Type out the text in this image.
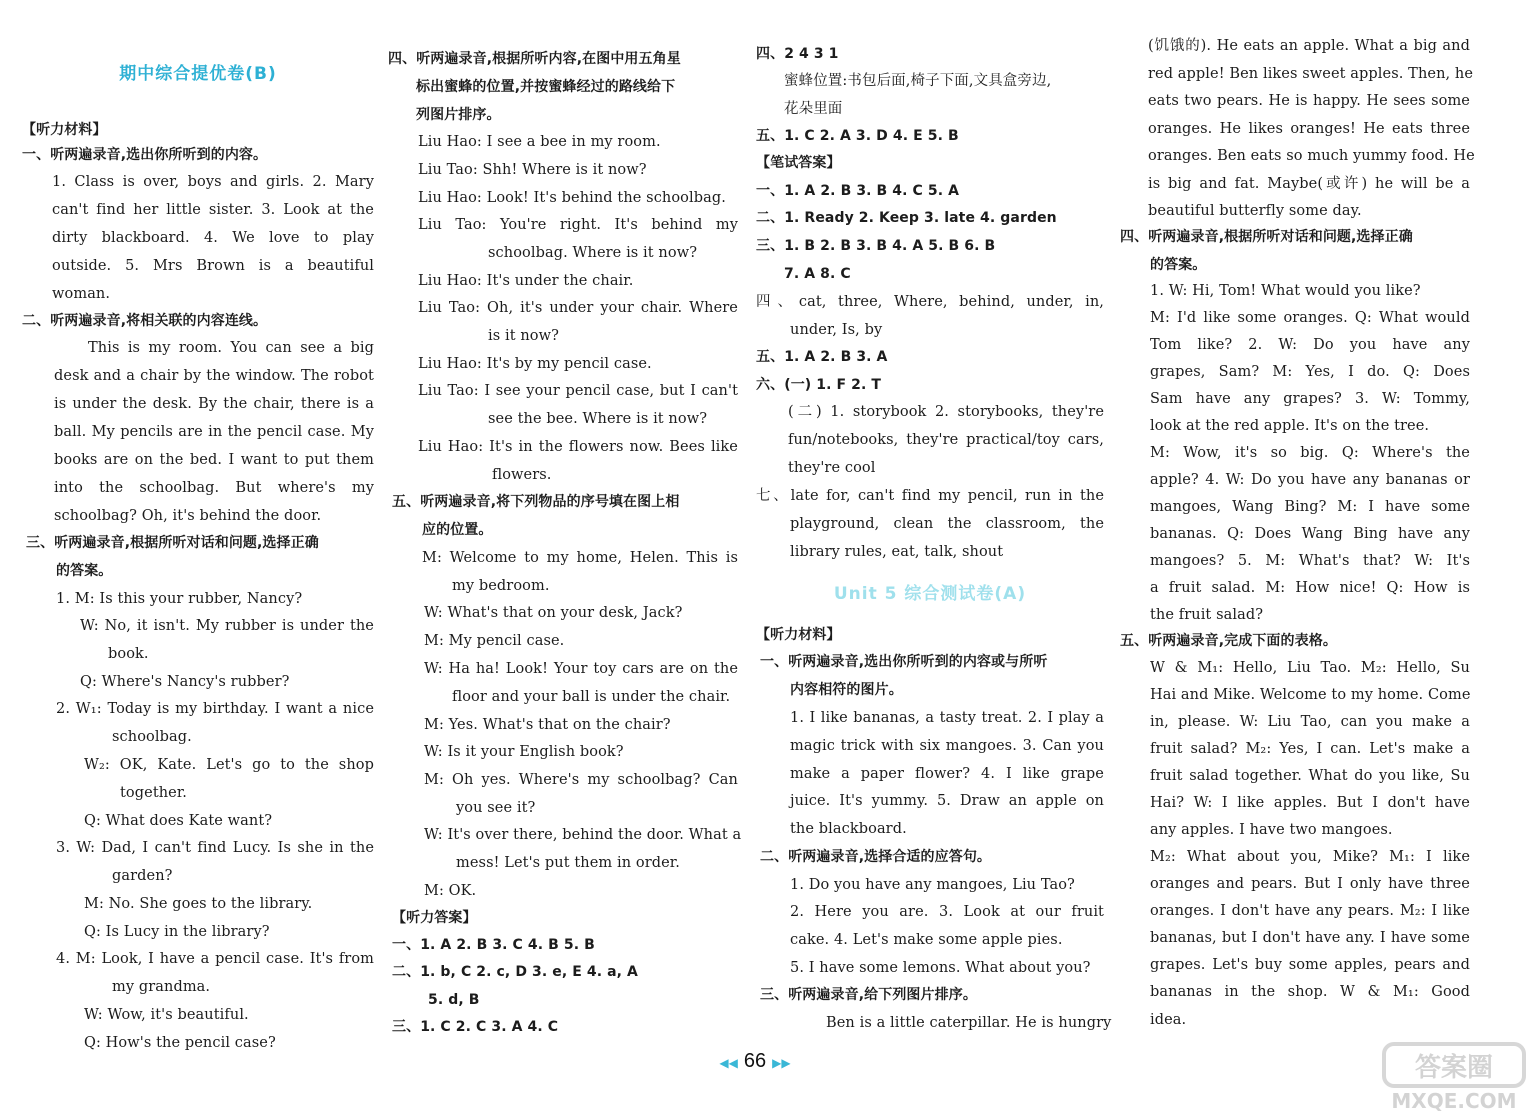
期中综合提优卷(B)
【听力材料】
一、听两遍录音,选出你所听到的内容。
1. Class is over, boys and girls. 2. Mary
can't find her little sister. 3. Look at the
dirty blackboard. 4. We love to play
outside. 5. Mrs Brown is a beautiful
woman.
二、听两遍录音,将相关联的内容连线。
This is my room. You can see a big
desk and a chair by the window. The robot
is under the desk. By the chair, there is a
ball. My pencils are in the pencil case. My
books are on the bed. I want to put them
into the schoolbag. But where's my
schoolbag? Oh, it's behind the door.
三、听两遍录音,根据所听对话和问题,选择正确
的答案。
1. M: Is this your rubber, Nancy?
W: No, it isn't. My rubber is under the
book.
Q: Where's Nancy's rubber?
2. W₁: Today is my birthday. I want a nice
schoolbag.
W₂: OK, Kate. Let's go to the shop
together.
Q: What does Kate want?
3. W: Dad, I can't find Lucy. Is she in the
garden?
M: No. She goes to the library.
Q: Is Lucy in the library?
4. M: Look, I have a pencil case. It's from
my grandma.
W: Wow, it's beautiful.
Q: How's the pencil case?
四、听两遍录音,根据所听内容,在图中用五角星
标出蜜蜂的位置,并按蜜蜂经过的路线给下
列图片排序。
Liu Hao: I see a bee in my room.
Liu Tao: Shh! Where is it now?
Liu Hao: Look! It's behind the schoolbag.
Liu Tao: You're right. It's behind my
schoolbag. Where is it now?
Liu Hao: It's under the chair.
Liu Tao: Oh, it's under your chair. Where
is it now?
Liu Hao: It's by my pencil case.
Liu Tao: I see your pencil case, but I can't
see the bee. Where is it now?
Liu Hao: It's in the flowers now. Bees like
flowers.
五、听两遍录音,将下列物品的序号填在图上相
应的位置。
M: Welcome to my home, Helen. This is
my bedroom.
W: What's that on your desk, Jack?
M: My pencil case.
W: Ha ha! Look! Your toy cars are on the
floor and your ball is under the chair.
M: Yes. What's that on the chair?
W: Is it your English book?
M: Oh yes. Where's my schoolbag? Can
you see it?
W: It's over there, behind the door. What a
mess! Let's put them in order.
M: OK.
【听力答案】
一、1. A 2. B 3. C 4. B 5. B
二、1. b, C 2. c, D 3. e, E 4. a, A
5. d, B
三、1. C 2. C 3. A 4. C
四、2 4 3 1
蜜蜂位置:书包后面,椅子下面,文具盒旁边,
花朵里面
五、1. C 2. A 3. D 4. E 5. B
【笔试答案】
一、1. A 2. B 3. B 4. C 5. A
二、1. Ready 2. Keep 3. late 4. garden
三、1. B 2. B 3. B 4. A 5. B 6. B
7. A 8. C
四、cat, three, Where, behind, under, in,
under, Is, by
五、1. A 2. B 3. A
六、(一) 1. F 2. T
(二) 1. storybook 2. storybooks, they're
fun/notebooks, they're practical/toy cars,
they're cool
七、late for, can't find my pencil, run in the
playground, clean the classroom, the
library rules, eat, talk, shout
Unit 5 综合测试卷(A)
【听力材料】
一、听两遍录音,选出你所听到的内容或与所听
内容相符的图片。
1. I like bananas, a tasty treat. 2. I play a
magic trick with six mangoes. 3. Can you
make a paper flower? 4. I like grape
juice. It's yummy. 5. Draw an apple on
the blackboard.
二、听两遍录音,选择合适的应答句。
1. Do you have any mangoes, Liu Tao?
2. Here you are. 3. Look at our fruit
cake. 4. Let's make some apple pies.
5. I have some lemons. What about you?
三、听两遍录音,给下列图片排序。
Ben is a little caterpillar. He is hungry
(饥饿的). He eats an apple. What a big and
red apple! Ben likes sweet apples. Then, he
eats two pears. He is happy. He sees some
oranges. He likes oranges! He eats three
oranges. Ben eats so much yummy food. He
is big and fat. Maybe(或许) he will be a
beautiful butterfly some day.
四、听两遍录音,根据所听对话和问题,选择正确
的答案。
1. W: Hi, Tom! What would you like?
M: I'd like some oranges. Q: What would
Tom like? 2. W: Do you have any
grapes, Sam? M: Yes, I do. Q: Does
Sam have any grapes? 3. W: Tommy,
look at the red apple. It's on the tree.
M: Wow, it's so big. Q: Where's the
apple? 4. W: Do you have any bananas or
mangoes, Wang Bing? M: I have some
bananas. Q: Does Wang Bing have any
mangoes? 5. M: What's that? W: It's
a fruit salad. M: How nice! Q: How is
the fruit salad?
五、听两遍录音,完成下面的表格。
W & M₁: Hello, Liu Tao. M₂: Hello, Su
Hai and Mike. Welcome to my home. Come
in, please. W: Liu Tao, can you make a
fruit salad? M₂: Yes, I can. Let's make a
fruit salad together. What do you like, Su
Hai? W: I like apples. But I don't have
any apples. I have two mangoes.
M₂: What about you, Mike? M₁: I like
oranges and pears. But I only have three
oranges. I don't have any pears. M₂: I like
bananas, but I don't have any. I have some
grapes. Let's buy some apples, pears and
bananas in the shop. W & M₁: Good
idea.
◀◀ 66 ▶▶	答案圈
MXQE.COM
